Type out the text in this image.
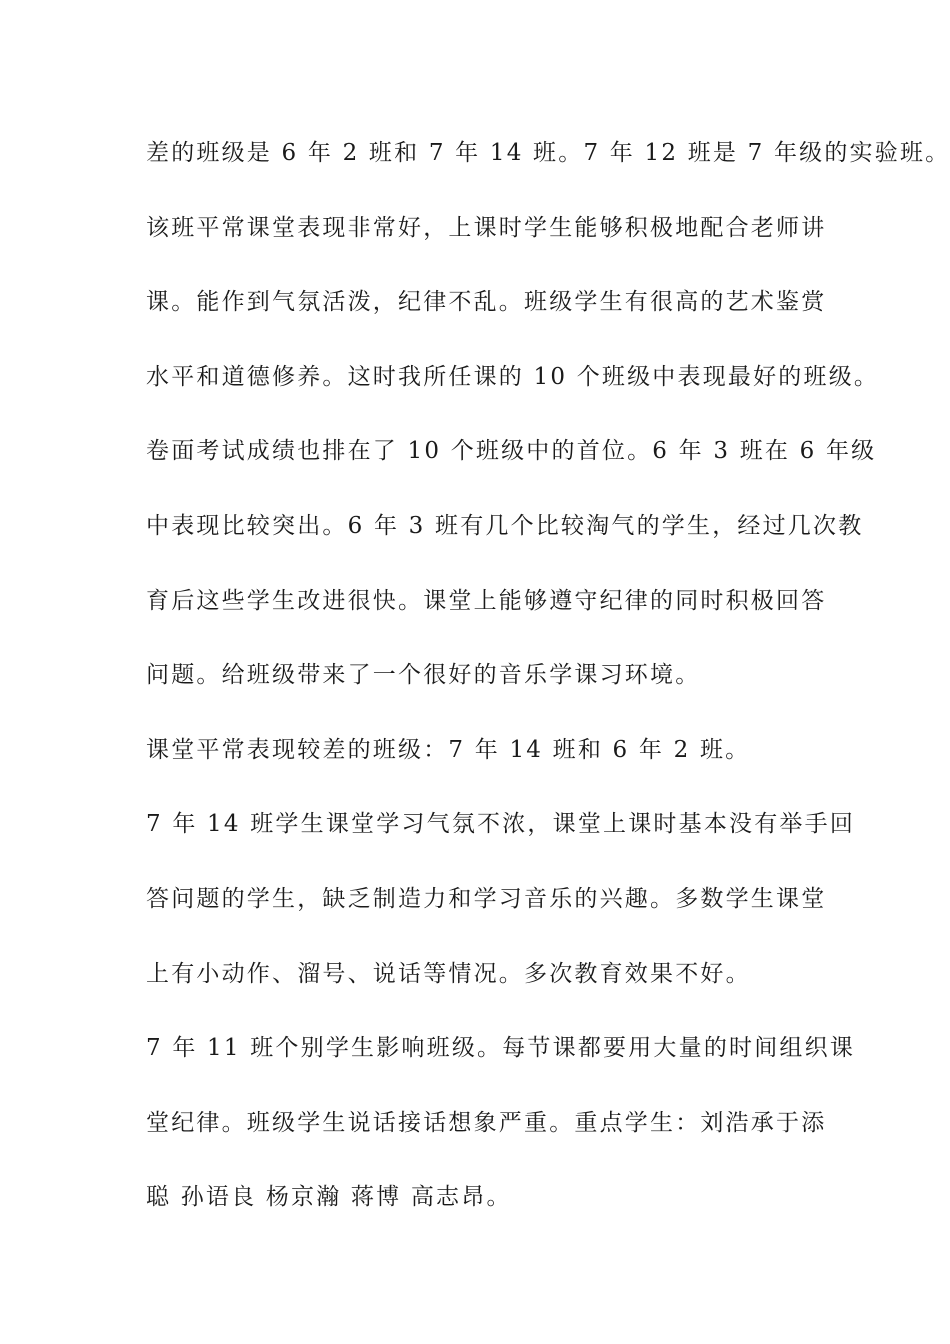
差的班级是 6 年 2 班和 7 年 14 班。7 年 12 班是 7 年级的实验班。
该班平常课堂表现非常好，上课时学生能够积极地配合老师讲
课。能作到气氛活泼，纪律不乱。班级学生有很高的艺术鉴赏
水平和道德修养。这时我所任课的 10 个班级中表现最好的班级。
卷面考试成绩也排在了 10 个班级中的首位。6 年 3 班在 6 年级
中表现比较突出。6 年 3 班有几个比较淘气的学生，经过几次教
育后这些学生改进很快。课堂上能够遵守纪律的同时积极回答
问题。给班级带来了一个很好的音乐学课习环境。
课堂平常表现较差的班级：7 年 14 班和 6 年 2 班。
7 年 14 班学生课堂学习气氛不浓，课堂上课时基本没有举手回
答问题的学生，缺乏制造力和学习音乐的兴趣。多数学生课堂
上有小动作、溜号、说话等情况。多次教育效果不好。
7 年 11 班个别学生影响班级。每节课都要用大量的时间组织课
堂纪律。班级学生说话接话想象严重。重点学生：刘浩承于添
聪 孙语良 杨京瀚 蒋博 高志昂。
